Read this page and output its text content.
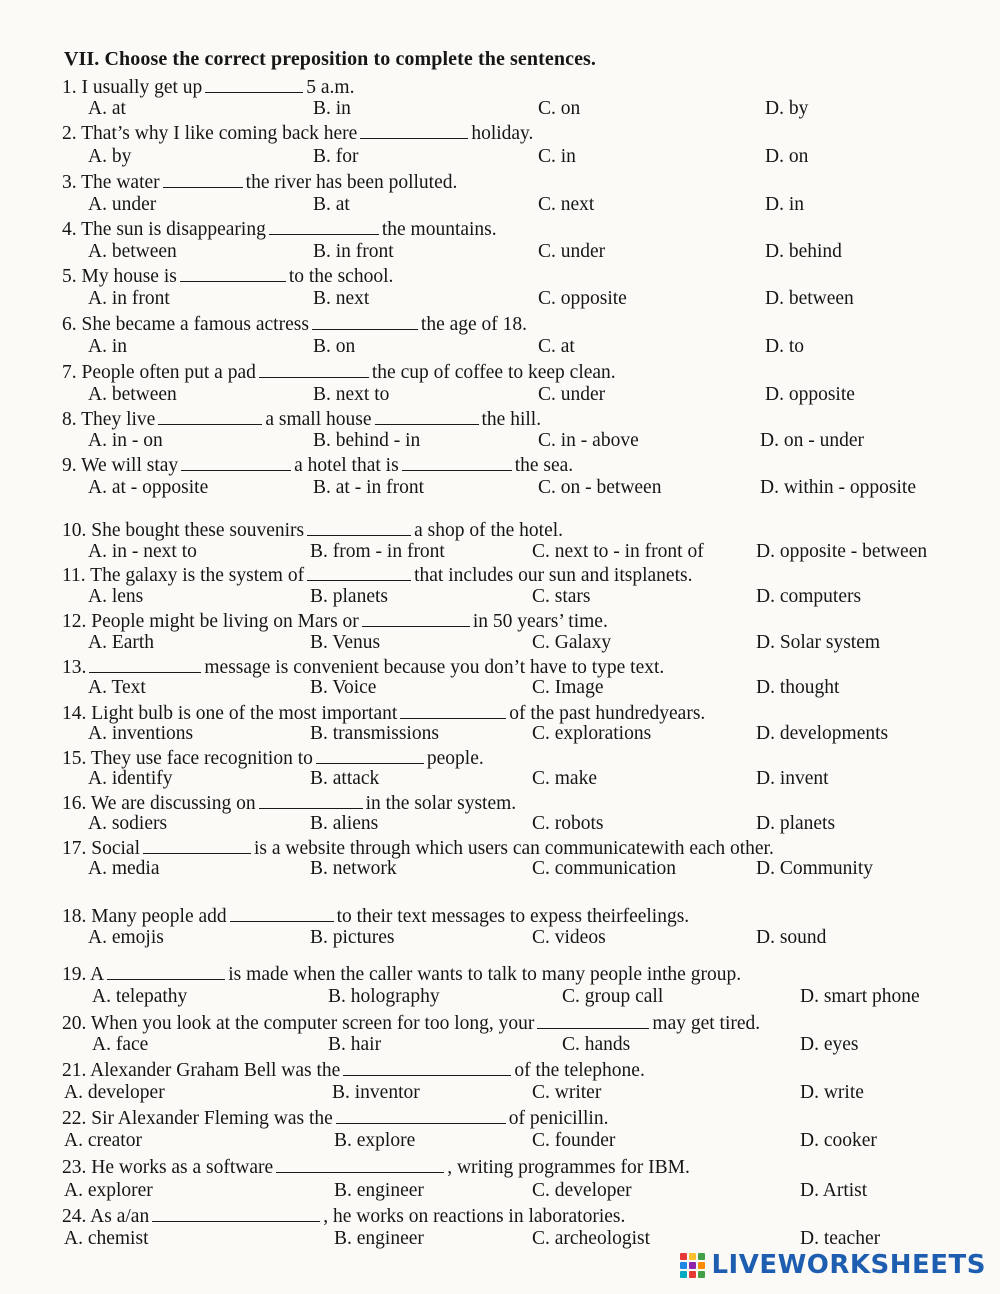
VII. Choose the correct preposition to complete the sentences.
1. I usually get up	5 a.m.
A. at	B. in	C. on	D. by
2. That’s why I like coming back here	holiday.
A. by	B. for	C. in	D. on
3. The water	the river has been polluted.
A. under	B. at	C. next	D. in
4. The sun is disappearing	the mountains.
A. between	B. in front	C. under	D. behind
5. My house is	to the school.
A. in front	B. next	C. opposite	D. between
6. She became a famous actress	the age of 18.
A. in	B. on	C. at	D. to
7. People often put a pad	the cup of coffee to keep clean.
A. between	B. next to	C. under	D. opposite
8. They live	a small house	the hill.
A. in - on	B. behind - in	C. in - above	D. on - under
9. We will stay	a hotel that is	the sea.
A. at - opposite	B. at - in front	C. on - between	D. within - opposite
10. She bought these souvenirs	a shop of the hotel.
A. in - next to	B. from - in front	C. next to - in front of	D. opposite - between
11. The galaxy is the system of	that includes our sun and itsplanets.
A. lens	B. planets	C. stars	D. computers
12. People might be living on Mars or	in 50 years’ time.
A. Earth	B. Venus	C. Galaxy	D. Solar system
13.	message is convenient because you don’t have to type text.
A. Text	B. Voice	C. Image	D. thought
14. Light bulb is one of the most important	of the past hundredyears.
A. inventions	B. transmissions	C. explorations	D. developments
15. They use face recognition to	people.
A. identify	B. attack	C. make	D. invent
16. We are discussing on	in the solar system.
A. sodiers	B. aliens	C. robots	D. planets
17. Social	is a website through which users can communicatewith each other.
A. media	B. network	C. communication	D. Community
18. Many people add	to their text messages to expess theirfeelings.
A. emojis	B. pictures	C. videos	D. sound
19. A	is made when the caller wants to talk to many people inthe group.
A. telepathy	B. holography	C. group call	D. smart phone
20. When you look at the computer screen for too long, your	may get tired.
A. face	B. hair	C. hands	D. eyes
21. Alexander Graham Bell was the	of the telephone.
A. developer	B. inventor	C. writer	D. write
22. Sir Alexander Fleming was the	of penicillin.
A. creator	B. explore	C. founder	D. cooker
23. He works as a software	, writing programmes for IBM.
A. explorer	B. engineer	C. developer	D. Artist
24. As a/an	, he works on reactions in laboratories.
A. chemist	B. engineer	C. archeologist	D. teacher
LIVEWORKSHEETS
